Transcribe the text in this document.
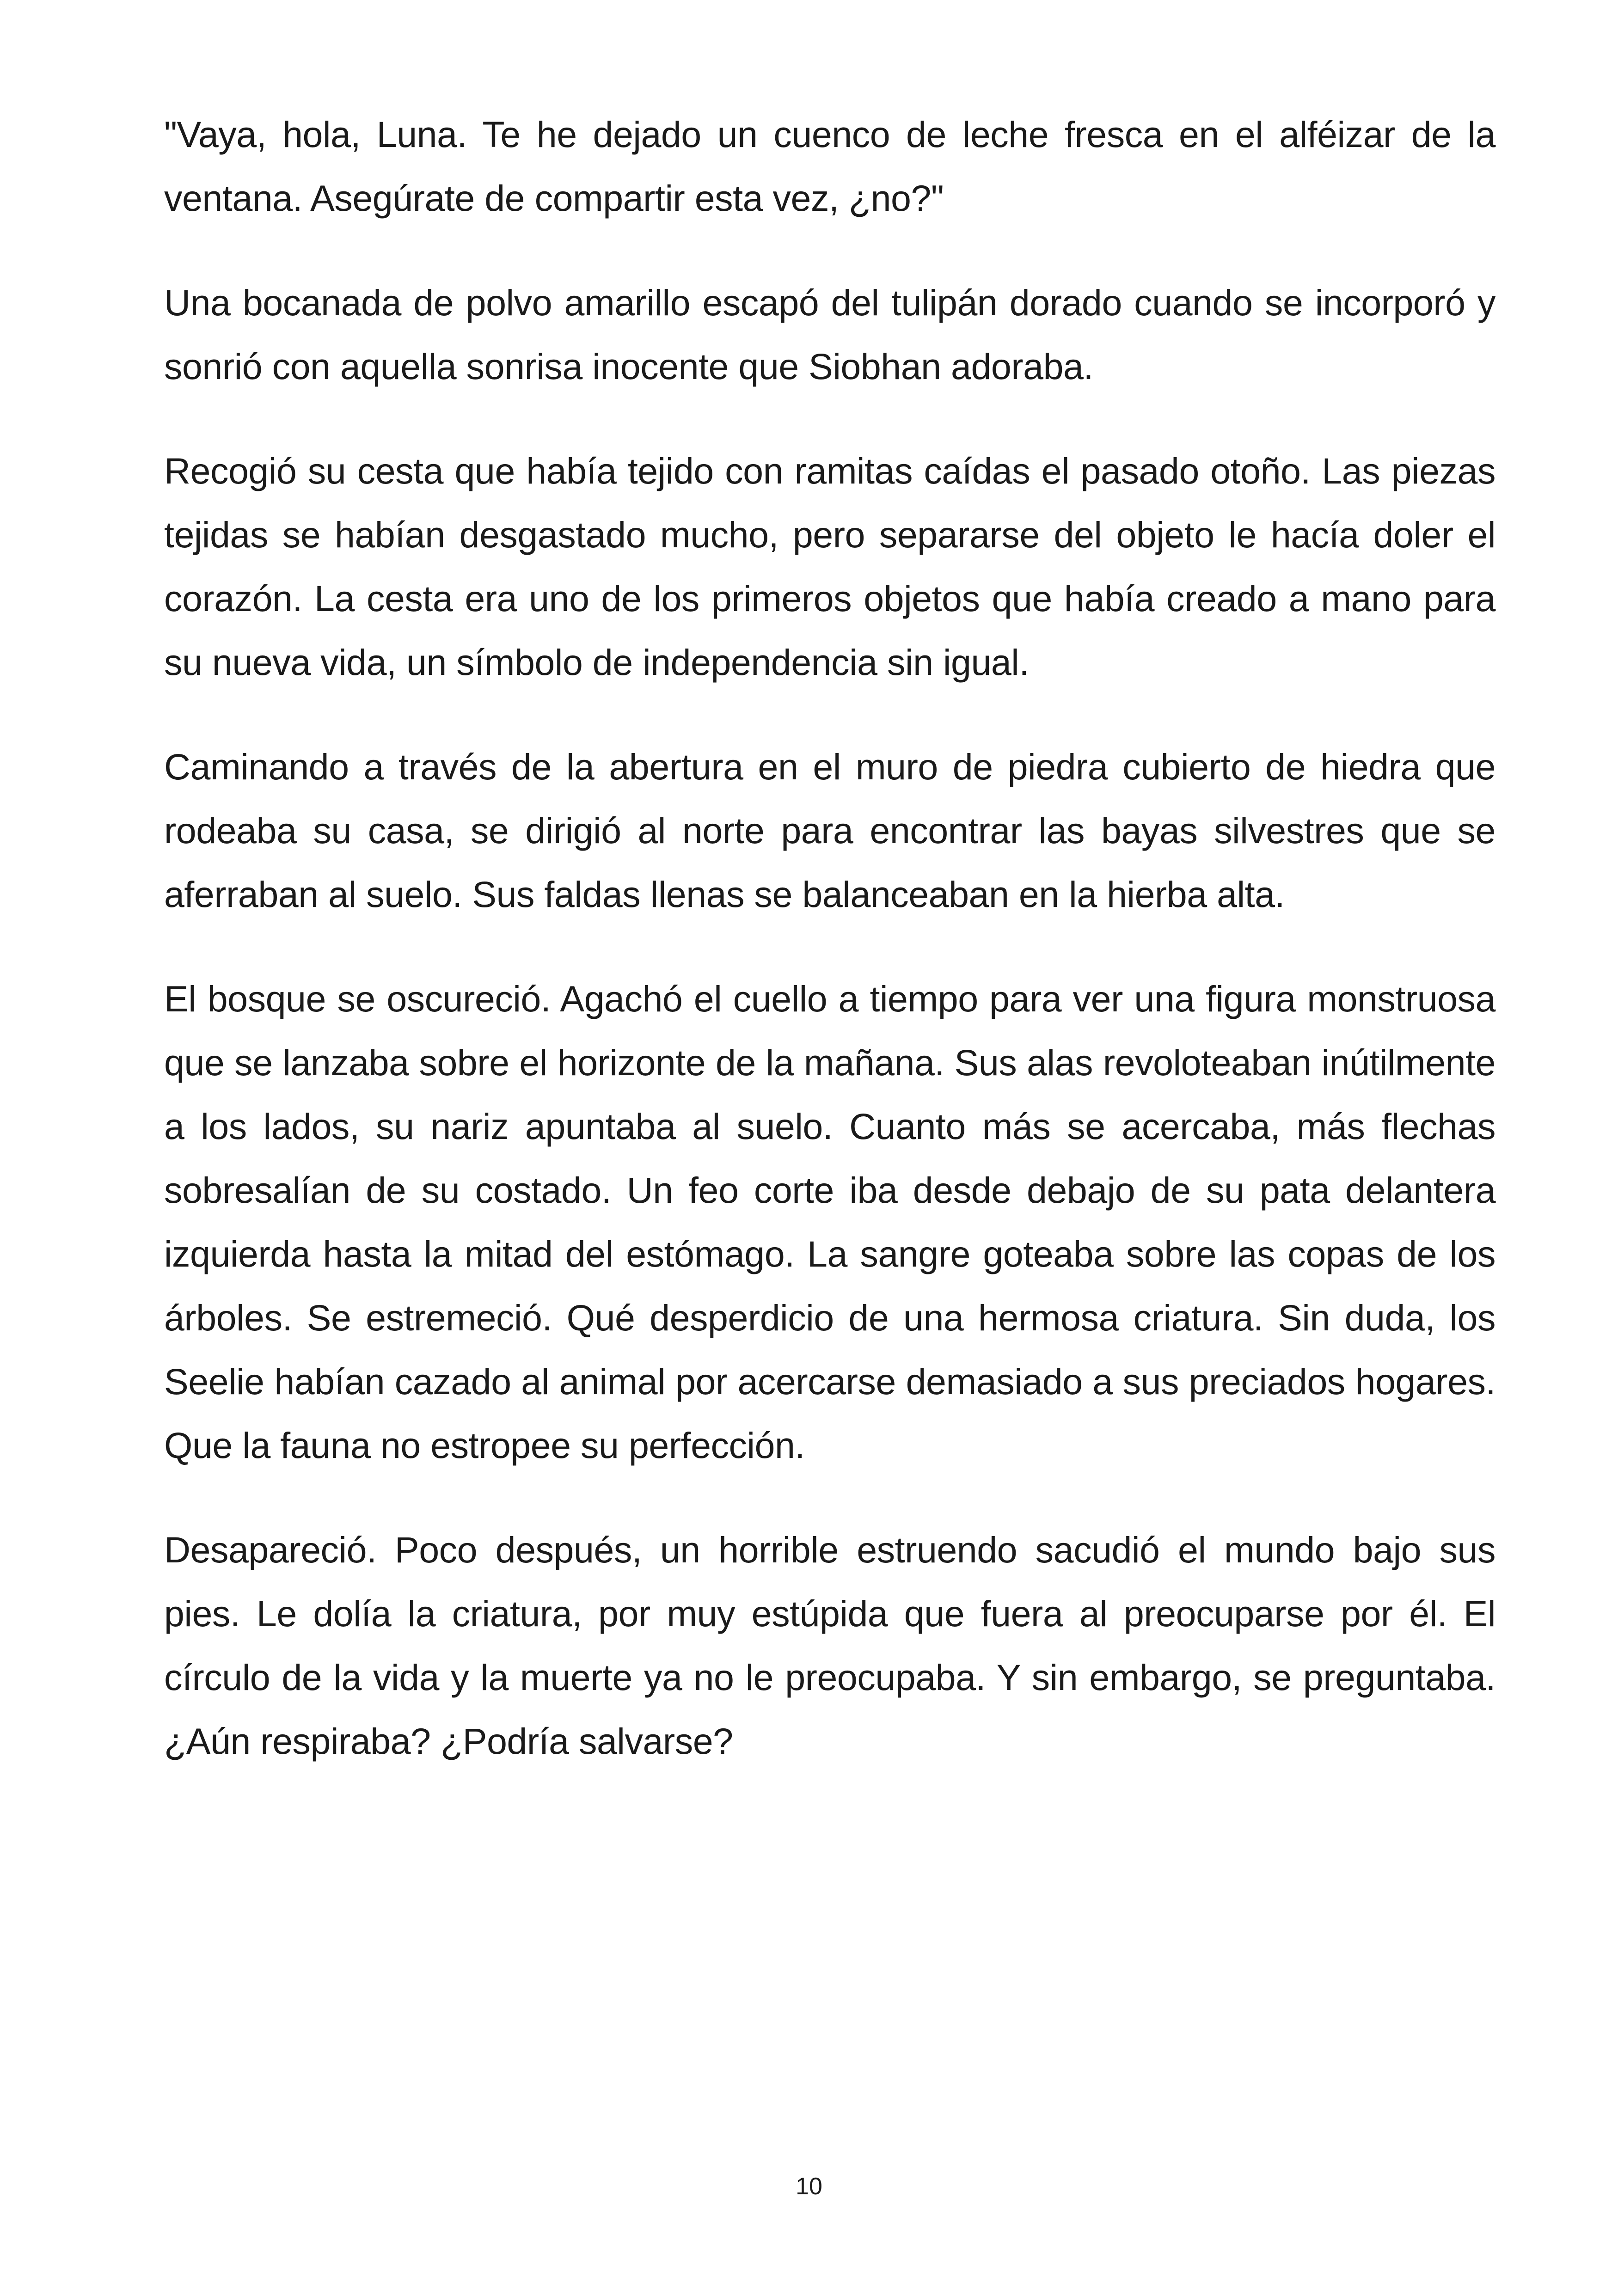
"Vaya, hola, Luna. Te he dejado un cuenco de leche fresca en el alféizar de la ventana. Asegúrate de compartir esta vez, ¿no?"

Una bocanada de polvo amarillo escapó del tulipán dorado cuando se incorporó y sonrió con aquella sonrisa inocente que Siobhan adoraba.

Recogió su cesta que había tejido con ramitas caídas el pasado otoño. Las piezas tejidas se habían desgastado mucho, pero separarse del objeto le hacía doler el corazón. La cesta era uno de los primeros objetos que había creado a mano para su nueva vida, un símbolo de independencia sin igual.

Caminando a través de la abertura en el muro de piedra cubierto de hiedra que rodeaba su casa, se dirigió al norte para encontrar las bayas silvestres que se aferraban al suelo. Sus faldas llenas se balanceaban en la hierba alta.

El bosque se oscureció. Agachó el cuello a tiempo para ver una figura monstruosa que se lanzaba sobre el horizonte de la mañana. Sus alas revoloteaban inútilmente a los lados, su nariz apuntaba al suelo. Cuanto más se acercaba, más flechas sobresalían de su costado. Un feo corte iba desde debajo de su pata delantera izquierda hasta la mitad del estómago. La sangre goteaba sobre las copas de los árboles. Se estremeció. Qué desperdicio de una hermosa criatura. Sin duda, los Seelie habían cazado al animal por acercarse demasiado a sus preciados hogares. Que la fauna no estropee su perfección.

Desapareció. Poco después, un horrible estruendo sacudió el mundo bajo sus pies. Le dolía la criatura, por muy estúpida que fuera al preocuparse por él. El círculo de la vida y la muerte ya no le preocupaba. Y sin embargo, se preguntaba. ¿Aún respiraba? ¿Podría salvarse?

10
